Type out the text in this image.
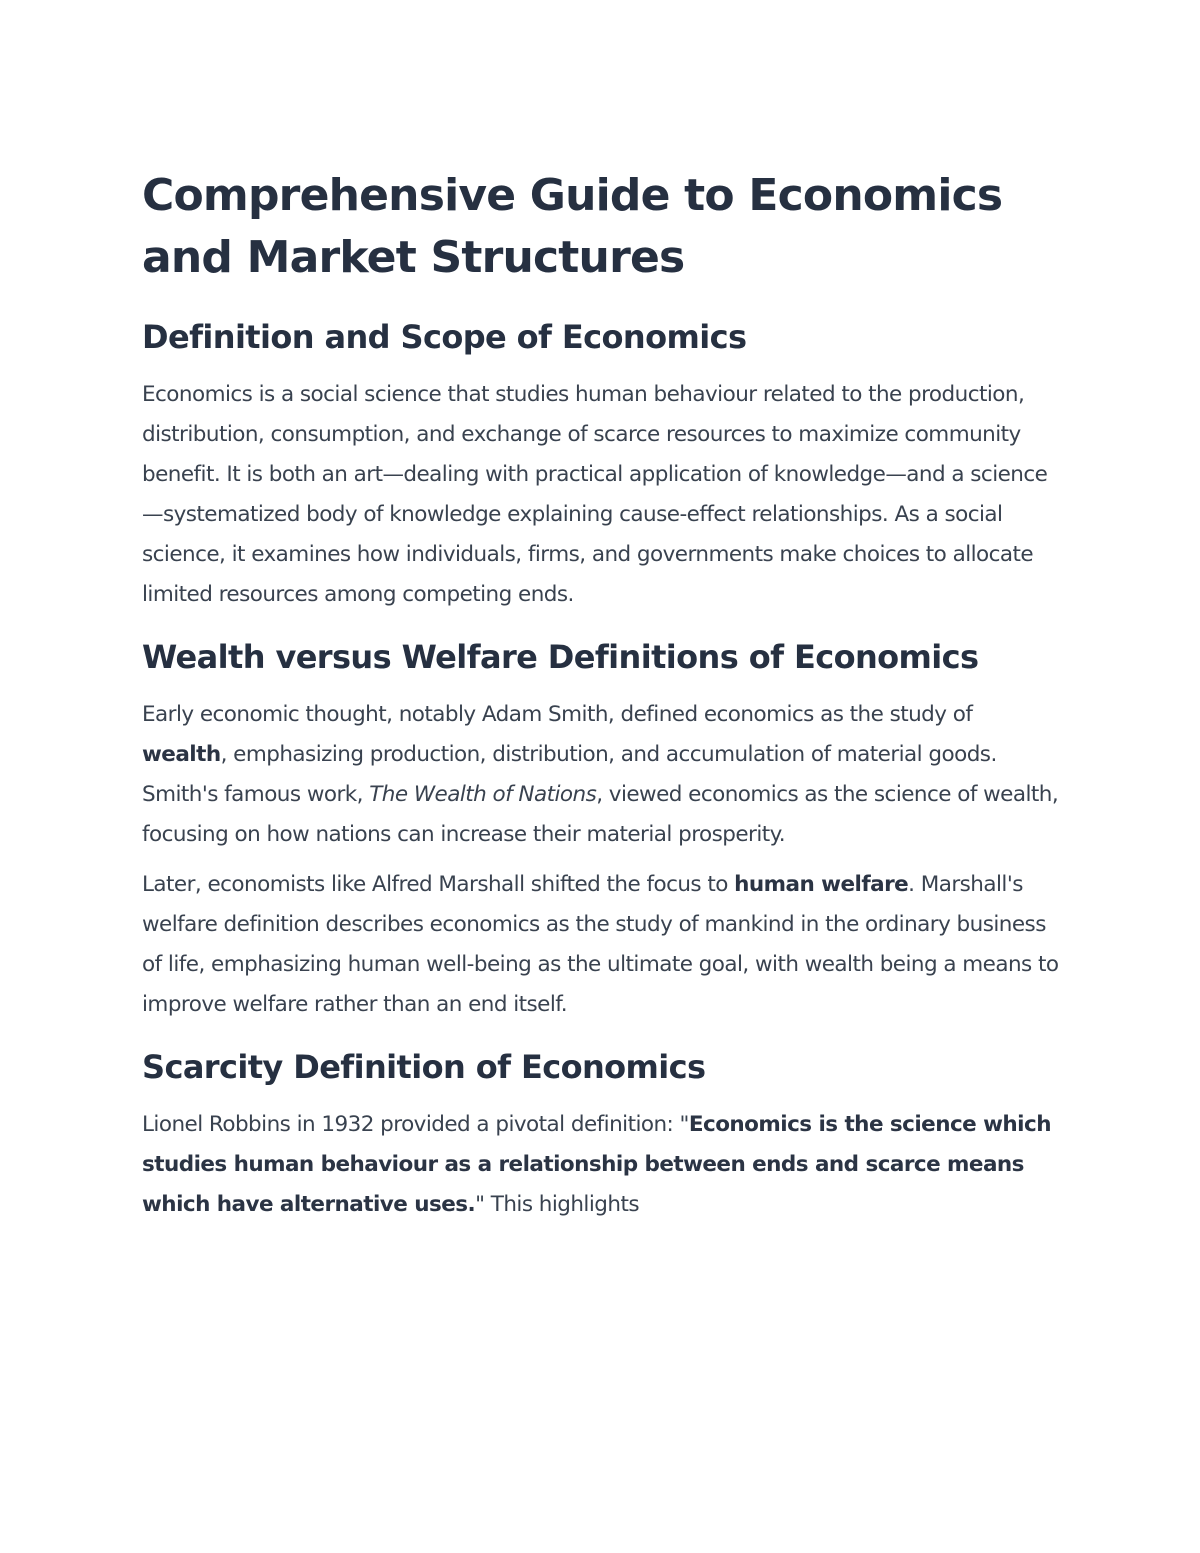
Comprehensive Guide to Economics and Market Structures
Definition and Scope of Economics

Economics is a social science that studies human behaviour related to the production, distribution, consumption, and exchange of scarce resources to maximize community benefit. It is both an art—dealing with practical application of knowledge—and a science—systematized body of knowledge explaining cause-effect relationships. As a social science, it examines how individuals, firms, and governments make choices to allocate limited resources among competing ends.

Wealth versus Welfare Definitions of Economics

Early economic thought, notably Adam Smith, defined economics as the study of wealth, emphasizing production, distribution, and accumulation of material goods. Smith's famous work, The Wealth of Nations, viewed economics as the science of wealth, focusing on how nations can increase their material prosperity.

Later, economists like Alfred Marshall shifted the focus to human welfare. Marshall's welfare definition describes economics as the study of mankind in the ordinary business of life, emphasizing human well-being as the ultimate goal, with wealth being a means to improve welfare rather than an end itself.

Scarcity Definition of Economics

Lionel Robbins in 1932 provided a pivotal definition: "Economics is the science which studies human behaviour as a relationship between ends and scarce means which have alternative uses." This highlights
